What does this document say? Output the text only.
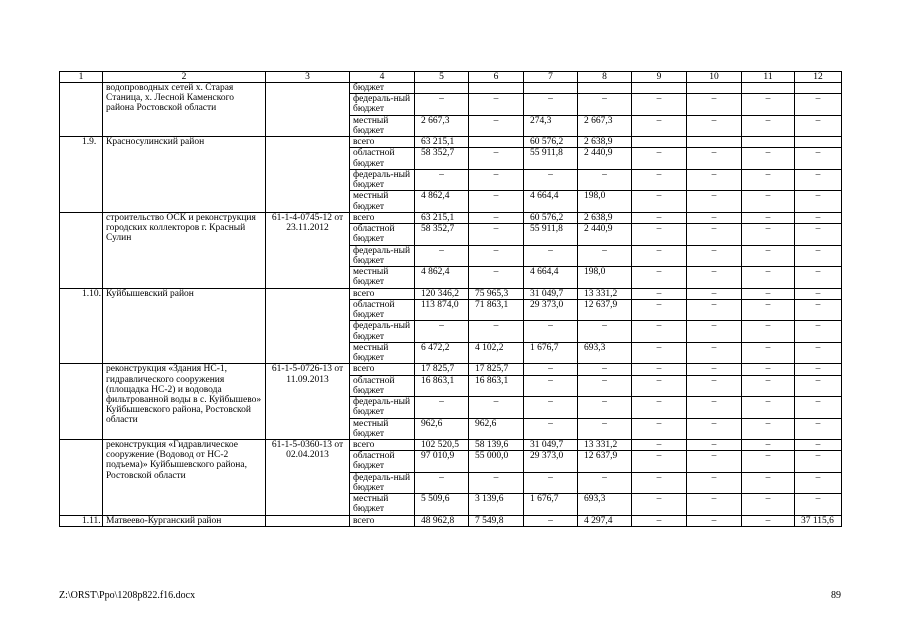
1	2	3	4	5	6	7	8	9	10	11	12
	водопроводных сетей х. Старая Станица, х. Лесной Каменского района Ростовской области		бюджет								
			федераль-ный бюджет	–	–	–	–	–	–	–	–
			местный бюджет	2 667,3	–	274,3	2 667,3	–	–	–	–
1.9.	Красносулинский район		всего	63 215,1		60 576,2	2 638,9				
			областной бюджет	58 352,7	–	55 911,8	2 440,9	–	–	–	–
			федераль-ный бюджет	–	–	–	–	–	–	–	–
			местный бюджет	4 862,4	–	4 664,4	198,0	–	–	–	–
	строительство ОСК и реконструкция городских коллекторов г. Красный Сулин	61-1-4-0745-12 от 23.11.2012	всего	63 215,1	–	60 576,2	2 638,9	–	–	–	–
			областной бюджет	58 352,7	–	55 911,8	2 440,9	–	–	–	–
			федераль-ный бюджет	–	–	–	–	–	–	–	–
			местный бюджет	4 862,4	–	4 664,4	198,0	–	–	–	–
1.10.	Куйбышевский район		всего	120 346,2	75 965,3	31 049,7	13 331,2	–	–	–	–
			областной бюджет	113 874,0	71 863,1	29 373,0	12 637,9	–	–	–	–
			федераль-ный бюджет	–	–	–	–	–	–	–	–
			местный бюджет	6 472,2	4 102,2	1 676,7	693,3	–	–	–	–
	реконструкция «Здания НС-1, гидравлического сооружения (площадка НС-2) и водовода фильтрованной воды в с. Куйбышево» Куйбышевского района, Ростовской области	61-1-5-0726-13 от 11.09.2013	всего	17 825,7	17 825,7	–	–	–	–	–	–
			областной бюджет	16 863,1	16 863,1	–	–	–	–	–	–
			федераль-ный бюджет	–	–	–	–	–	–	–	–
			местный бюджет	962,6	962,6	–	–	–	–	–	–
	реконструкция «Гидравлическое сооружение (Водовод от НС-2 подъема)» Куйбышевского района, Ростовской области	61-1-5-0360-13 от 02.04.2013	всего	102 520,5	58 139,6	31 049,7	13 331,2	–	–	–	–
			областной бюджет	97 010,9	55 000,0	29 373,0	12 637,9	–	–	–	–
			федераль-ный бюджет	–	–	–	–	–	–	–	–
			местный бюджет	5 509,6	3 139,6	1 676,7	693,3	–	–	–	–
1.11.	Матвеево-Курганский район		всего	48 962,8	7 549,8	–	4 297,4	–	–	–	37 115,6
Z:\ORST\Ppo\1208p822.f16.docx	89
